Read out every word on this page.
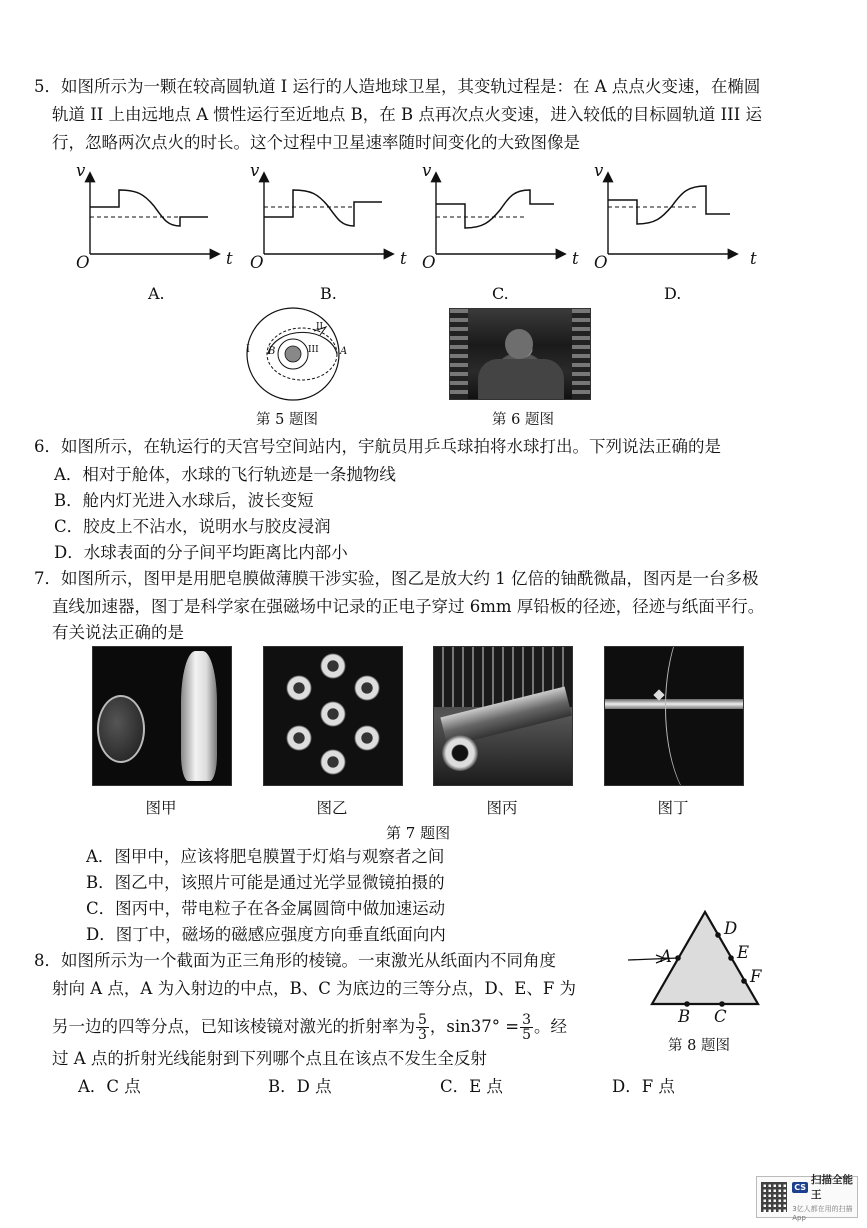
5．如图所示为一颗在较高圆轨道 I 运行的人造地球卫星，其变轨过程是：在 A 点点火变速，在椭圆
轨道 II 上由远地点 A 惯性运行至近地点 B，在 B 点再次点火变速，进入较低的目标圆轨道 III 运
行，忽略两次点火的时长。这个过程中卫星速率随时间变化的大致图像是
v
t
O
v
t
O
v
t
O
v
t
O
A.	B.	C.	D.
I B	III
II
A
第 5 题图	第 6 题图
6．如图所示，在轨运行的天宫号空间站内，宇航员用乒乓球拍将水球打出。下列说法正确的是
A．相对于舱体，水球的飞行轨迹是一条抛物线
B．舱内灯光进入水球后，波长变短
C．胶皮上不沾水，说明水与胶皮浸润
D．水球表面的分子间平均距离比内部小
7．如图所示，图甲是用肥皂膜做薄膜干涉实验，图乙是放大约 1 亿倍的铀酰微晶，图丙是一台多极
直线加速器，图丁是科学家在强磁场中记录的正电子穿过 6mm 厚铅板的径迹，径迹与纸面平行。
有关说法正确的是
图甲	图乙	图丙	图丁
第 7 题图
A．图甲中，应该将肥皂膜置于灯焰与观察者之间
B．图乙中，该照片可能是通过光学显微镜拍摄的
C．图丙中，带电粒子在各金属圆筒中做加速运动
D．图丁中，磁场的磁感应强度方向垂直纸面向内
8．如图所示为一个截面为正三角形的棱镜。一束激光从纸面内不同角度
射向 A 点，A 为入射边的中点，B、C 为底边的三等分点，D、E、F 为
另一边的四等分点，已知该棱镜对激光的折射率为 $\frac{5}{3}$ ，$\sin 37^\circ = \frac{3}{5}$ 。经
过 A 点的折射光线能射到下列哪个点且在该点不发生全反射
A
B C
D
E
F
第 8 题图
A．C 点	B．D 点	C．E 点	D．F 点
CS
扫描全能王
3亿人都在用的扫描App
